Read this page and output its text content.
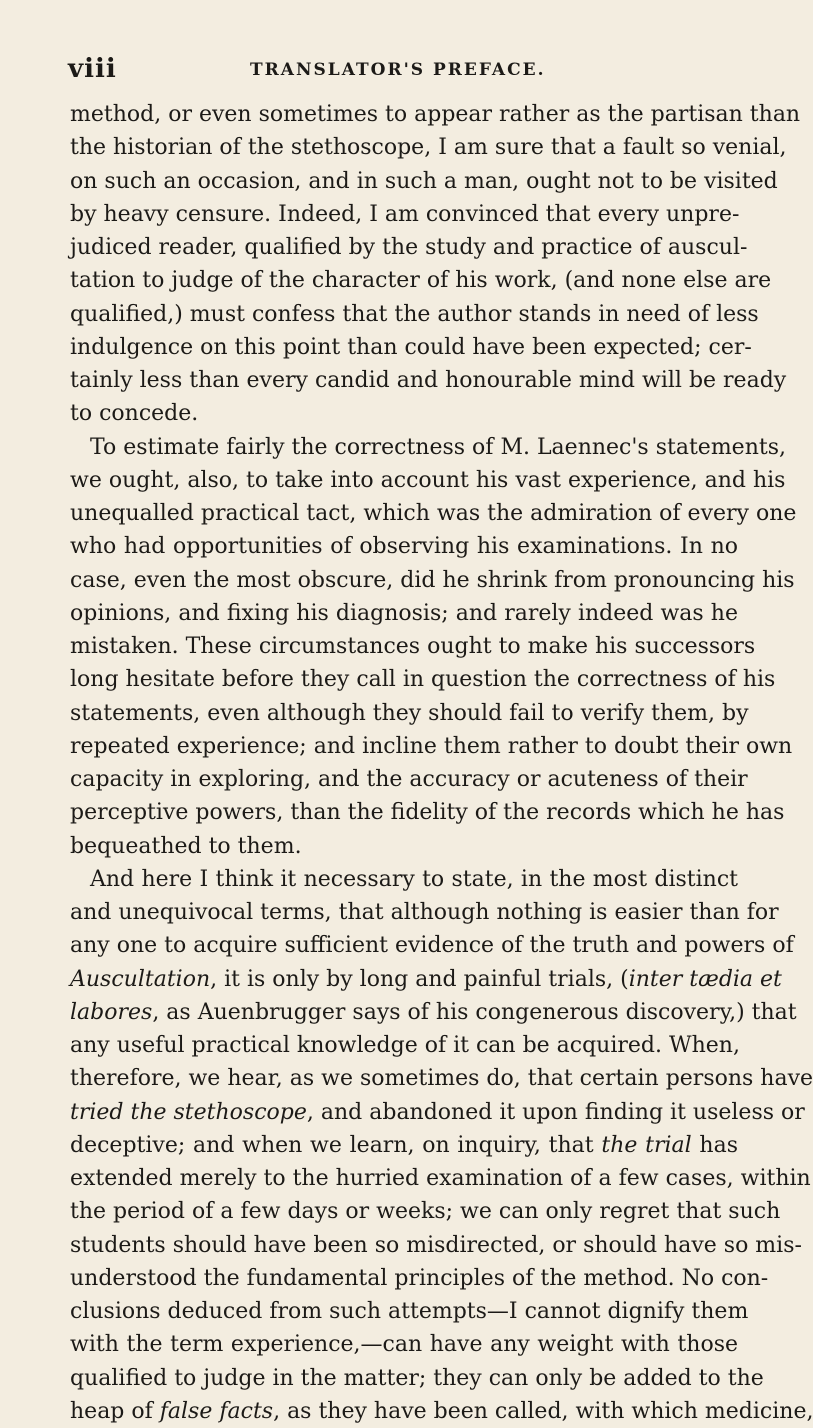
viii	TRANSLATOR'S PREFACE.
method, or even sometimes to appear rather as the partisan than
the historian of the stethoscope, I am sure that a fault so venial,
on such an occasion, and in such a man, ought not to be visited
by heavy censure. Indeed, I am convinced that every unpre-
judiced reader, qualified by the study and practice of auscul-
tation to judge of the character of his work, (and none else are
qualified,) must confess that the author stands in need of less
indulgence on this point than could have been expected; cer-
tainly less than every candid and honourable mind will be ready
to concede.
To estimate fairly the correctness of M. Laennec's statements,
we ought, also, to take into account his vast experience, and his
unequalled practical tact, which was the admiration of every one
who had opportunities of observing his examinations. In no
case, even the most obscure, did he shrink from pronouncing his
opinions, and fixing his diagnosis; and rarely indeed was he
mistaken. These circumstances ought to make his successors
long hesitate before they call in question the correctness of his
statements, even although they should fail to verify them, by
repeated experience; and incline them rather to doubt their own
capacity in exploring, and the accuracy or acuteness of their
perceptive powers, than the fidelity of the records which he has
bequeathed to them.
And here I think it necessary to state, in the most distinct
and unequivocal terms, that although nothing is easier than for
any one to acquire sufficient evidence of the truth and powers of
Auscultation, it is only by long and painful trials, (inter tædia et
labores, as Auenbrugger says of his congenerous discovery,) that
any useful practical knowledge of it can be acquired. When,
therefore, we hear, as we sometimes do, that certain persons have
tried the stethoscope, and abandoned it upon finding it useless or
deceptive; and when we learn, on inquiry, that the trial has
extended merely to the hurried examination of a few cases, within
the period of a few days or weeks; we can only regret that such
students should have been so misdirected, or should have so mis-
understood the fundamental principles of the method. No con-
clusions deduced from such attempts—I cannot dignify them
with the term experience,—can have any weight with those
qualified to judge in the matter; they can only be added to the
heap of false facts, as they have been called, with which medicine,
